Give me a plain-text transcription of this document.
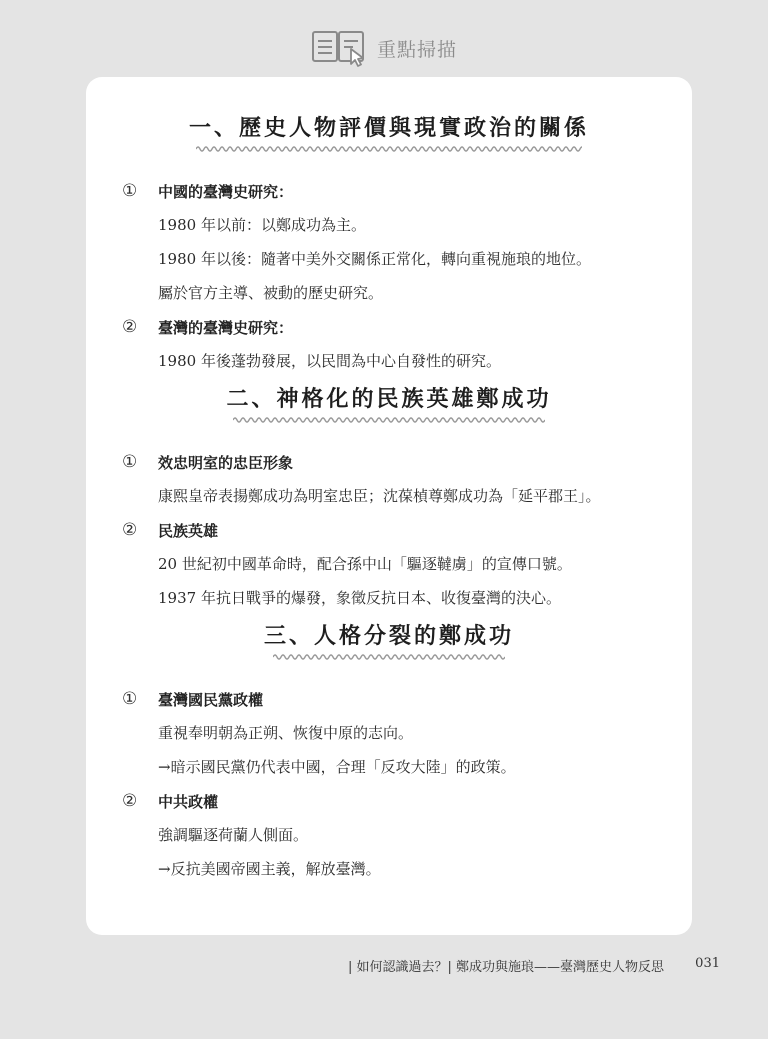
重點掃描
一、歷史人物評價與現實政治的關係
①	中國的臺灣史研究：
1980 年以前：以鄭成功為主。
1980 年以後：隨著中美外交關係正常化，轉向重視施琅的地位。
屬於官方主導、被動的歷史研究。
②	臺灣的臺灣史研究：
1980 年後蓬勃發展，以民間為中心自發性的研究。
二、神格化的民族英雄鄭成功
①	效忠明室的忠臣形象
康熙皇帝表揚鄭成功為明室忠臣；沈葆楨尊鄭成功為「延平郡王」。
②	民族英雄
20 世紀初中國革命時，配合孫中山「驅逐韃虜」的宣傳口號。
1937 年抗日戰爭的爆發，象徵反抗日本、收復臺灣的決心。
三、人格分裂的鄭成功
①	臺灣國民黨政權
重視奉明朝為正朔、恢復中原的志向。
→暗示國民黨仍代表中國，合理「反攻大陸」的政策。
②	中共政權
強調驅逐荷蘭人側面。
→反抗美國帝國主義，解放臺灣。
| 如何認識過去？| 鄭成功與施琅——臺灣歷史人物反思 031
